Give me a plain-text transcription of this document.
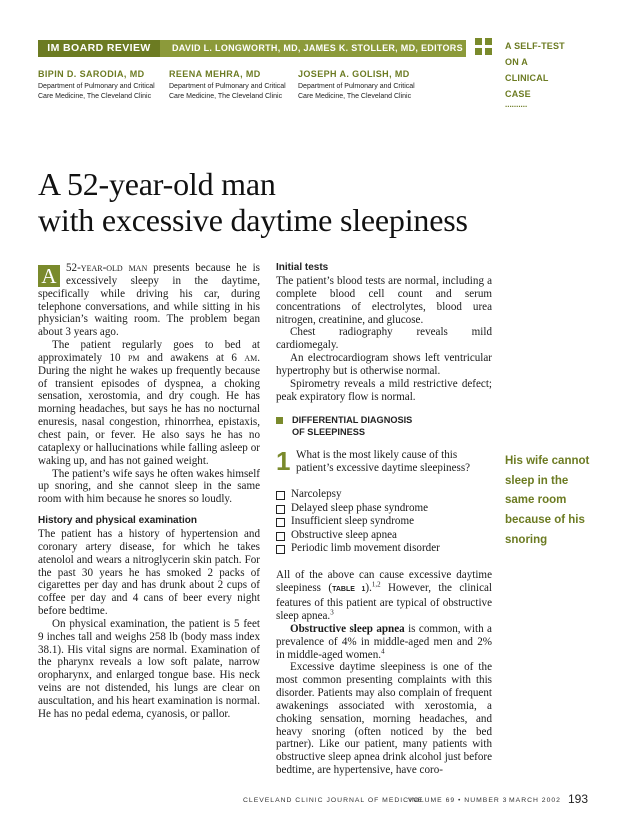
IM BOARD REVIEW	DAVID L. LONGWORTH, MD, JAMES K. STOLLER, MD, EDITORS	A SELF-TEST
ON A
CLINICAL
CASE
..........
BIPIN D. SARODIA, MD
Department of Pulmonary and Critical
Care Medicine, The Cleveland Clinic
REENA MEHRA, MD
Department of Pulmonary and Critical
Care Medicine, The Cleveland Clinic
JOSEPH A. GOLISH, MD
Department of Pulmonary and Critical
Care Medicine, The Cleveland Clinic
A 52-year-old man
with excessive daytime sleepiness

A 52-year-old man presents because he is excessively sleepy in the daytime, specifically while driving his car, during telephone conversations, and while sitting in his physician’s waiting room. The problem began about 3 years ago.

The patient regularly goes to bed at approximately 10 pm and awakens at 6 am. During the night he wakes up frequently because of transient episodes of dyspnea, a choking sensation, xerostomia, and dry cough. He has morning headaches, but says he has no nocturnal enuresis, nasal congestion, rhinorrhea, epistaxis, chest pain, or fever. He also says he has no cataplexy or hallucinations while falling asleep or waking up, and has not gained weight.

The patient’s wife says he often wakes himself up snoring, and she cannot sleep in the same room with him because he snores so loudly.

History and physical examination

The patient has a history of hypertension and coronary artery disease, for which he takes atenolol and wears a nitroglycerin skin patch. For the past 30 years he has smoked 2 packs of cigarettes per day and has drunk about 2 cups of coffee per day and 4 cans of beer every night before bedtime.

On physical examination, the patient is 5 feet 9 inches tall and weighs 258 lb (body mass index 38.1). His vital signs are normal. Examination of the pharynx reveals a low soft palate, narrow oropharynx, and enlarged tongue base. His neck veins are not distended, his lungs are clear on auscultation, and his heart examination is normal. He has no pedal edema, cyanosis, or pallor.

Initial tests

The patient’s blood tests are normal, including a complete blood cell count and serum concentrations of electrolytes, blood urea nitrogen, creatinine, and glucose.

Chest radiography reveals mild cardiomegaly.

An electrocardiogram shows left ventricular hypertrophy but is otherwise normal.

Spirometry reveals a mild restrictive defect; peak expiratory flow is normal.

DIFFERENTIAL DIAGNOSIS
OF SLEEPINESS
1 What is the most likely cause of this patient’s excessive daytime sleepiness?
Narcolepsy
Delayed sleep phase syndrome
Insufficient sleep syndrome
Obstructive sleep apnea
Periodic limb movement disorder

All of the above can cause excessive daytime sleepiness (TABLE 1).$^{1,2}$ However, the clinical features of this patient are typical of obstructive sleep apnea.$^3$

Obstructive sleep apnea is common, with a prevalence of 4% in middle-aged men and 2% in middle-aged women.$^4$

Excessive daytime sleepiness is one of the most common presenting complaints with this disorder. Patients may also complain of frequent awakenings associated with xerostomia, a choking sensation, morning headaches, and heavy snoring (often noticed by the bed partner). Like our patient, many patients with obstructive sleep apnea drink alcohol just before bedtime, are hypertensive, have coro-

His wife cannot sleep in the same room because of his snoring
CLEVELAND CLINIC JOURNAL OF MEDICINE
VOLUME 69 • NUMBER 3 MARCH 2002 193
